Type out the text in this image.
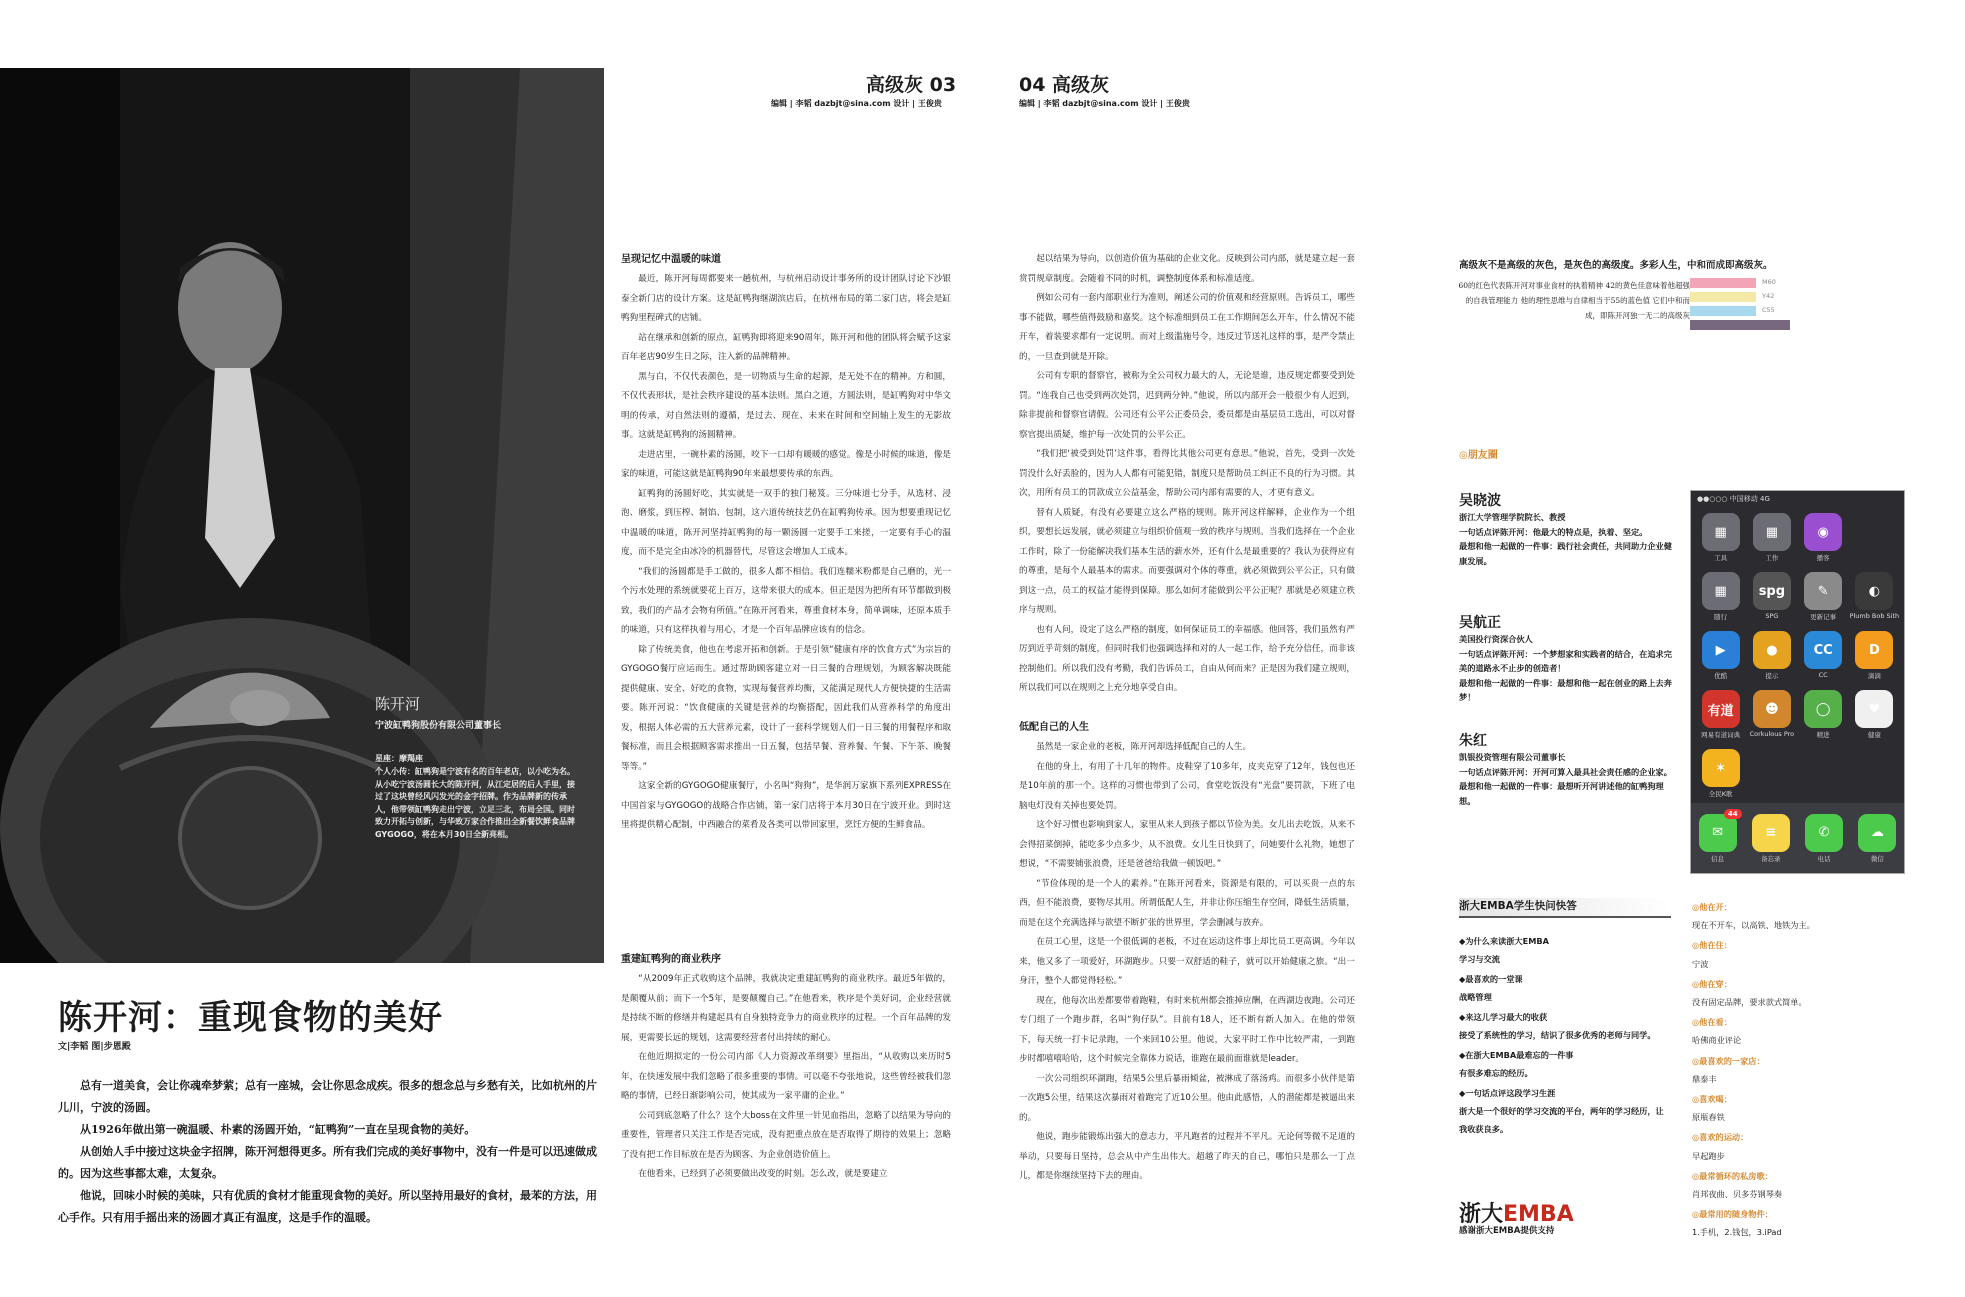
陈开河
宁波缸鸭狗股份有限公司董事长
星座：摩羯座
个人小传：缸鸭狗是宁波有名的百年老店，以小吃为名。从小吃宁波汤圆长大的陈开河，从江定居的后人手里，接过了这块曾经风闪发光的金字招牌。作为品牌新的传承人，他带领缸鸭狗走出宁波，立足三北，布局全国。同时致力开拓与创新，与华致万家合作推出全新餐饮鲜食品牌GYGOGO，将在本月30日全新亮相。
陈开河：重现食物的美好
文|李韬 图|步恩殿

总有一道美食，会让你魂牵梦萦；总有一座城，会让你思念成疾。很多的想念总与乡愁有关，比如杭州的片儿川，宁波的汤圆。

从1926年做出第一碗温暖、朴素的汤圆开始，“缸鸭狗”一直在呈现食物的美好。

从创始人手中接过这块金字招牌，陈开河想得更多。所有我们完成的美好事物中，没有一件是可以迅速做成的。因为这些事都太难，太复杂。

他说，回味小时候的美味，只有优质的食材才能重现食物的美好。所以坚持用最好的食材，最苯的方法，用心手作。只有用手摇出来的汤圆才真正有温度，这是手作的温暖。

高级灰 03
编辑 | 李韬 dazbjt@sina.com 设计 | 王俊贵
04 高级灰
编辑 | 李韬 dazbjt@sina.com 设计 | 王俊贵
呈现记忆中温暖的味道

最近，陈开河每周都要来一趟杭州，与杭州启动设计事务所的设计团队讨论下沙银泰全新门店的设计方案。这是缸鸭狗继湖滨店后，在杭州布局的第二家门店，将会是缸鸭狗里程碑式的店铺。

站在继承和创新的原点，缸鸭狗即将迎来90周年，陈开河和他的团队将会赋予这家百年老店90岁生日之际，注入新的品牌精神。

黑与白，不仅代表颜色，是一切物质与生命的起源，是无处不在的精神。方和圆，不仅代表形状，是社会秩序建设的基本法则。黑白之道，方圆法则，是缸鸭狗对中华文明的传承，对自然法则的遵循，是过去、现在、未来在时间和空间轴上发生的无影故事。这就是缸鸭狗的汤圆精神。

走进店里，一碗朴素的汤圆，咬下一口却有暖暖的感觉。像是小时候的味道，像是家的味道，可能这就是缸鸭狗90年来最想要传承的东西。

缸鸭狗的汤圆好吃，其实就是一双手的独门秘笈。三分味道七分手，从选材、浸泡、磨浆，到压榨、制馅、包制，这六道传统技艺仍在缸鸭狗传承。因为想要重现记忆中温暖的味道，陈开河坚持缸鸭狗的每一颗汤圆一定要手工来搓，一定要有手心的温度，而不是完全由冰冷的机器替代，尽管这会增加人工成本。

“我们的汤圆都是手工做的，很多人都不相信。我们连糯米粉都是自己磨的，光一个污水处理的系统就要花上百万，这带来很大的成本。但正是因为把所有环节都做到极致，我们的产品才会物有所值。”在陈开河看来，尊重食材本身，简单调味，还原本质手的味道，只有这样执着与用心，才是一个百年品牌应该有的信念。

除了传统美食，他也在考虑开拓和创新。于是引领“健康有序的饮食方式”为宗旨的GYGOGO餐厅应运而生。通过帮助顾客建立对一日三餐的合理规划，为顾客解决既能提供健康、安全、好吃的食物，实现每餐营养均衡，又能满足现代人方便快捷的生活需要。陈开河说：“饮食健康的关键是营养的均衡搭配，因此我们从营养科学的角度出发，根据人体必需的五大营养元素，设计了一套科学规划人们一日三餐的用餐程序和取餐标准，而且会根据顾客需求推出一日五餐，包括早餐、营养餐、午餐、下午茶、晚餐等等。”

这家全新的GYGOGO健康餐厅，小名叫“狗狗”，是华润万家旗下系列EXPRESS在中国首家与GYGOGO的战略合作店铺，第一家门店将于本月30日在宁波开业。到时这里将提供精心配制，中西融合的菜肴及各类可以带回家里，烹饪方便的生鲜食品。

重建缸鸭狗的商业秩序

“从2009年正式收购这个品牌，我就决定重建缸鸭狗的商业秩序。最近5年做的，是颠覆从前；而下一个5年，是要颠覆自己。”在他看来，秩序是个美好词，企业经营就是持续不断的修缮并构建起具有自身独特竞争力的商业秩序的过程。一个百年品牌的发展，更需要长远的规划，这需要经营者付出持续的耐心。

在他近期拟定的一份公司内部《人力资源改革纲要》里指出，“从收购以来历时5年，在快速发展中我们忽略了很多重要的事情。可以毫不夸张地说，这些曾经被我们忽略的事情，已经日渐影响公司，使其成为一家平庸的企业。”

公司到底忽略了什么？这个大boss在文件里一针见血指出，忽略了以结果为导向的重要性，管理者只关注工作是否完成，没有把重点放在是否取得了期待的效果上；忽略了没有把工作目标放在是否为顾客、为企业创造价值上。

在他看来，已经到了必须要做出改变的时刻。怎么改，就是要建立

起以结果为导向，以创造价值为基础的企业文化。反映到公司内部，就是建立起一套赏罚规章制度。会随着不同的时机，调整制度体系和标准适度。

例如公司有一套内部职业行为准则，阐述公司的价值观和经营原则。告诉员工，哪些事不能做，哪些值得鼓励和嘉奖。这个标准细到员工在工作期间怎么开车，什么情况不能开车，着装要求都有一定说明。而对上级滥施号令，违反过节送礼这样的事，是严令禁止的，一旦查到就是开除。

公司有专职的督察官，被称为全公司权力最大的人，无论是谁，违反规定都要受到处罚。“连我自己也受到两次处罚，迟到两分钟。”他说，所以内部开会一般很少有人迟到，除非提前和督察官请假。公司还有公平公正委员会，委员都是由基层员工选出，可以对督察官提出质疑，维护每一次处罚的公平公正。

“我们把‘被受到处罚’这件事，看得比其他公司更有意思。”他说，首先，受到一次处罚没什么好丢脸的，因为人人都有可能犯错，制度只是帮助员工纠正不良的行为习惯。其次，用所有员工的罚款成立公益基金，帮助公司内部有需要的人，才更有意义。

替有人质疑，有没有必要建立这么严格的规则。陈开河这样解释，企业作为一个组织，要想长远发展，就必须建立与组织价值观一致的秩序与规则。当我们选择在一个企业工作时，除了一份能解决我们基本生活的薪水外，还有什么是最重要的？我认为获得应有的尊重，是每个人最基本的需求。而要强调对个体的尊重，就必须做到公平公正，只有做到这一点，员工的权益才能得到保障。那么如何才能做到公平公正呢？那就是必须建立秩序与规则。

也有人问，设定了这么严格的制度，如何保证员工的幸福感。他回答，我们虽然有严厉到近乎苛刻的制度，但同时我们也强调选择和对的人一起工作，给予充分信任，而非该控制他们。所以我们没有考勤，我们告诉员工，自由从何而来？正是因为我们建立规则，所以我们可以在规则之上充分地享受自由。

低配自己的人生

虽然是一家企业的老板，陈开河却选择低配自己的人生。

在他的身上，有用了十几年的物件。皮鞋穿了10多年，皮夹克穿了12年，钱包也还是10年前的那一个。这样的习惯也带到了公司，食堂吃饭没有“光盘”要罚款，下班了电脑电灯没有关掉也要处罚。

这个好习惯也影响到家人，家里从来人到孩子都以节俭为美。女儿出去吃饭，从来不会得招菜倒掉，能吃多少点多少，从不浪费。女儿生日快到了，问她要什么礼物，她想了想说，“不需要铺张浪费，还是爸爸给我做一顿饭吧。”

“节俭体现的是一个人的素养。”在陈开河看来，资源是有限的，可以买贵一点的东西，但不能浪费，要物尽其用。所谓低配人生，并非让你压缩生存空间，降低生活质量，而是在这个充满选择与欲望不断扩张的世界里，学会删减与放弃。

在员工心里，这是一个很低调的老板，不过在运动这件事上却比员工更高调。今年以来，他又多了一项爱好，环湖跑步。只要一双舒适的鞋子，就可以开始健康之旅。“出一身汗，整个人都觉得轻松。”

现在，他每次出差都要带着跑鞋，有时来杭州都会推掉应酬，在西湖边夜跑。公司还专门组了一个跑步群，名叫“狗仔队”。目前有18人，还不断有新人加入。在他的带领下，每天统一打卡记录跑，一个来回10公里。他说，大家平时工作中比较严肃，一到跑步时都嘻嘻哈哈，这个时候完全靠体力说话，谁跑在最前面谁就是leader。

一次公司组织环湖跑，结果5公里后暴雨倾盆，被淋成了落汤鸡。而很多小伙伴是第一次跑5公里，结果这次暴雨对着跑完了近10公里。他由此感悟，人的潜能都是被逼出来的。

他说，跑步能锻炼出强大的意志力，平凡跑者的过程并不平凡。无论何等微不足道的举动，只要每日坚持，总会从中产生出伟大。超越了昨天的自己，哪怕只是那么一丁点儿，都是你继续坚持下去的理由。

高级灰不是高级的灰色，是灰色的高级度。多彩人生，中和而成即高级灰。
60的红色代表陈开河对事业食材的执着精神 42的黄色佳意味着他超强的自我管理能力 他的理性思维与自律相当于55的蓝色值 它们中和而成，即陈开河独一无二的高级灰
M60
Y42
C55
◎朋友圈
吴晓波
浙江大学管理学院院长、教授
一句话点评陈开河：他最大的特点是，执着、坚定。
最想和他一起做的一件事：践行社会责任，共同助力企业健康发展。
吴航正
美国投行资深合伙人
一句话点评陈开河：一个梦想家和实践者的结合，在追求完美的道路永不止步的创造者！
最想和他一起做的一件事：最想和他一起在创业的路上去奔梦！
朱红
凯银投资管理有限公司董事长
一句话点评陈开河：开河可算入最具社会责任感的企业家。
最想和他一起做的一件事：最想听开河讲述他的缸鸭狗理想。
●●○○○ 中国移动 4G
▦
工具
▦
工作
◉
播客
▦
随行
spg
SPG
✎
更新记事
◐
Plumb Bob Sith
▶
优酷
●
提示
CC
CC
D
滴滴
有道
网易有道词典
☻
Corkulous Pro
◯
精进
♥
健康
✶
全民K歌
✉
44
信息
≡
备忘录
✆
电话
☁
微信
浙大EMBA学生快问快答
◆为什么来读浙大EMBA
学习与交流
◆最喜欢的一堂课
战略管理
◆来这儿学习最大的收获
接受了系统性的学习，结识了很多优秀的老师与同学。
◆在浙大EMBA最难忘的一件事
有很多难忘的经历。
◆一句话点评这段学习生涯
浙大是一个很好的学习交流的平台，两年的学习经历，让我收获良多。
浙大EMBA
感谢浙大EMBA提供支持
◎他在开：
现在不开车，以高铁、地铁为主。
◎他在住：
宁波
◎他在穿：
没有固定品牌，要求款式简单。
◎他在看：
哈佛商业评论
◎最喜欢的一家店：
鼎泰丰
◎喜欢喝：
原瓶春铁
◎喜欢的运动：
早起跑步
◎最常循环的私房歌：
肖邦夜曲、贝多芬钢琴奏
◎最常用的随身物件：
1.手机，2.钱包，3.iPad
